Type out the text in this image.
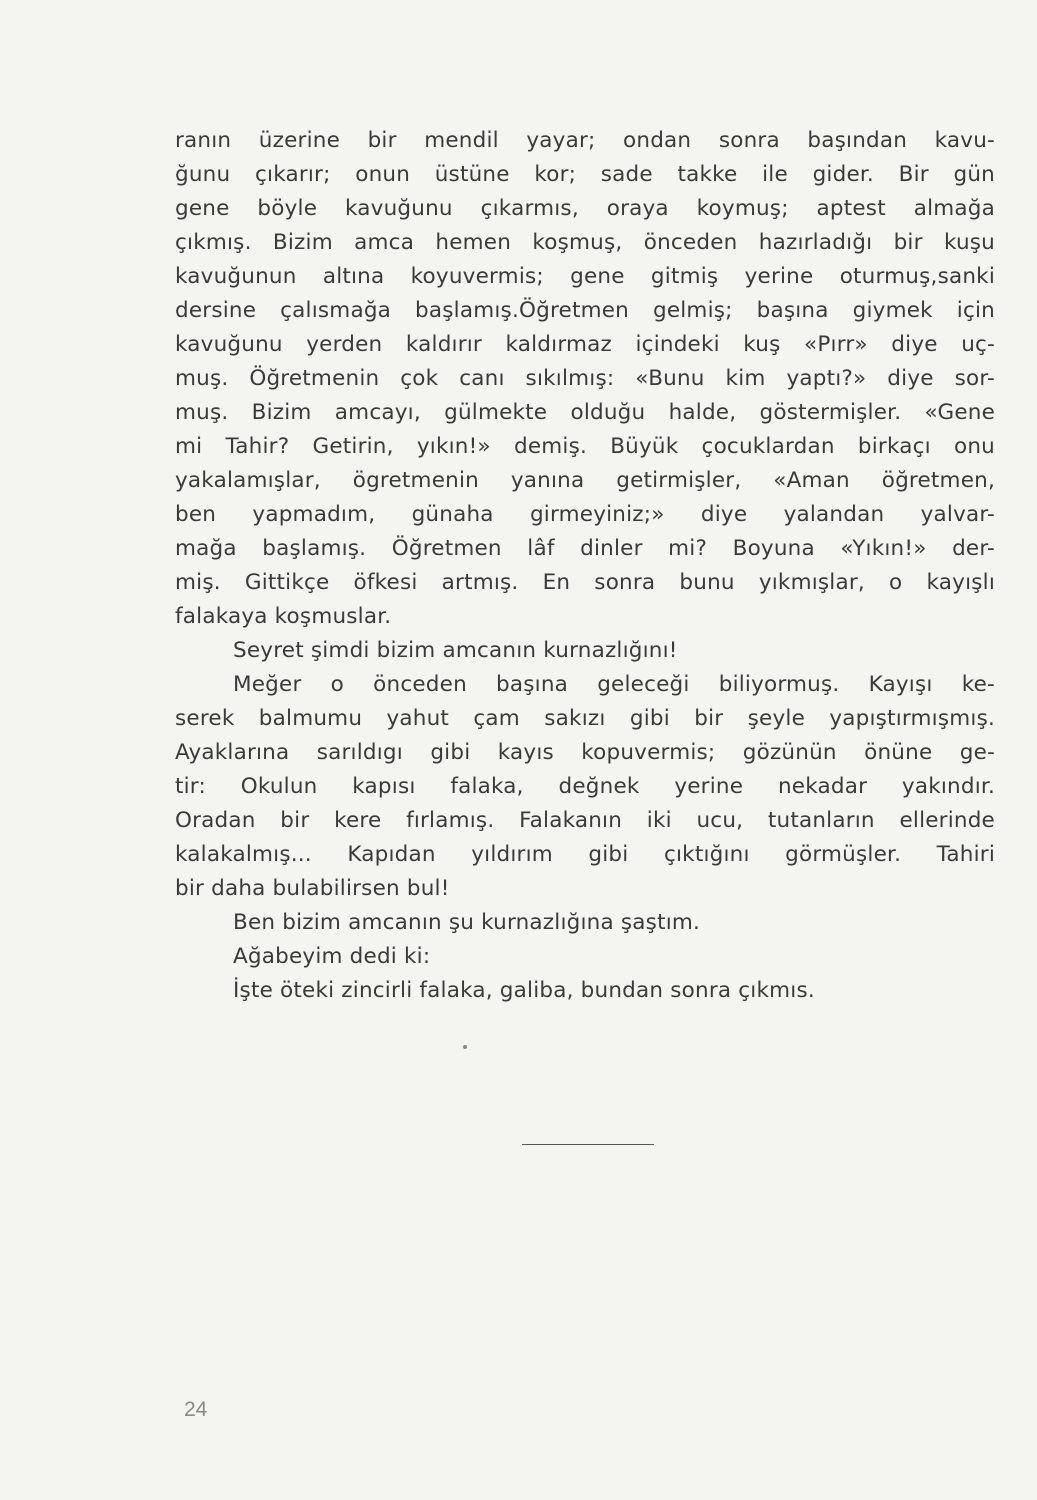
ranın üzerine bir mendil yayar; ondan sonra başından kavu-
ğunu çıkarır; onun üstüne kor; sade takke ile gider. Bir gün
gene böyle kavuğunu çıkarmıs, oraya koymuş; aptest almağa
çıkmış. Bizim amca hemen koşmuş, önceden hazırladığı bir kuşu
kavuğunun altına koyuvermis; gene gitmiş yerine oturmuş,sanki
dersine çalısmağa başlamış.Öğretmen gelmiş; başına giymek için
kavuğunu yerden kaldırır kaldırmaz içindeki kuş «Pırr» diye uç-
muş. Öğretmenin çok canı sıkılmış: «Bunu kim yaptı?» diye sor-
muş. Bizim amcayı, gülmekte olduğu halde, göstermişler. «Gene
mi Tahir? Getirin, yıkın!» demiş. Büyük çocuklardan birkaçı onu
yakalamışlar, ögretmenin yanına getirmişler, «Aman öğretmen,
ben yapmadım, günaha girmeyiniz;» diye yalandan yalvar-
mağa başlamış. Öğretmen lâf dinler mi? Boyuna «Yıkın!» der-
miş. Gittikçe öfkesi artmış. En sonra bunu yıkmışlar, o kayışlı
falakaya koşmuslar.
Seyret şimdi bizim amcanın kurnazlığını!
Meğer o önceden başına geleceği biliyormuş. Kayışı ke-
serek balmumu yahut çam sakızı gibi bir şeyle yapıştırmışmış.
Ayaklarına sarıldıgı gibi kayıs kopuvermis; gözünün önüne ge-
tir: Okulun kapısı falaka, değnek yerine nekadar yakındır.
Oradan bir kere fırlamış. Falakanın iki ucu, tutanların ellerinde
kalakalmış... Kapıdan yıldırım gibi çıktığını görmüşler. Tahiri
bir daha bulabilirsen bul!
Ben bizim amcanın şu kurnazlığına şaştım.
Ağabeyim dedi ki:
İşte öteki zincirli falaka, galiba, bundan sonra çıkmıs.
24
